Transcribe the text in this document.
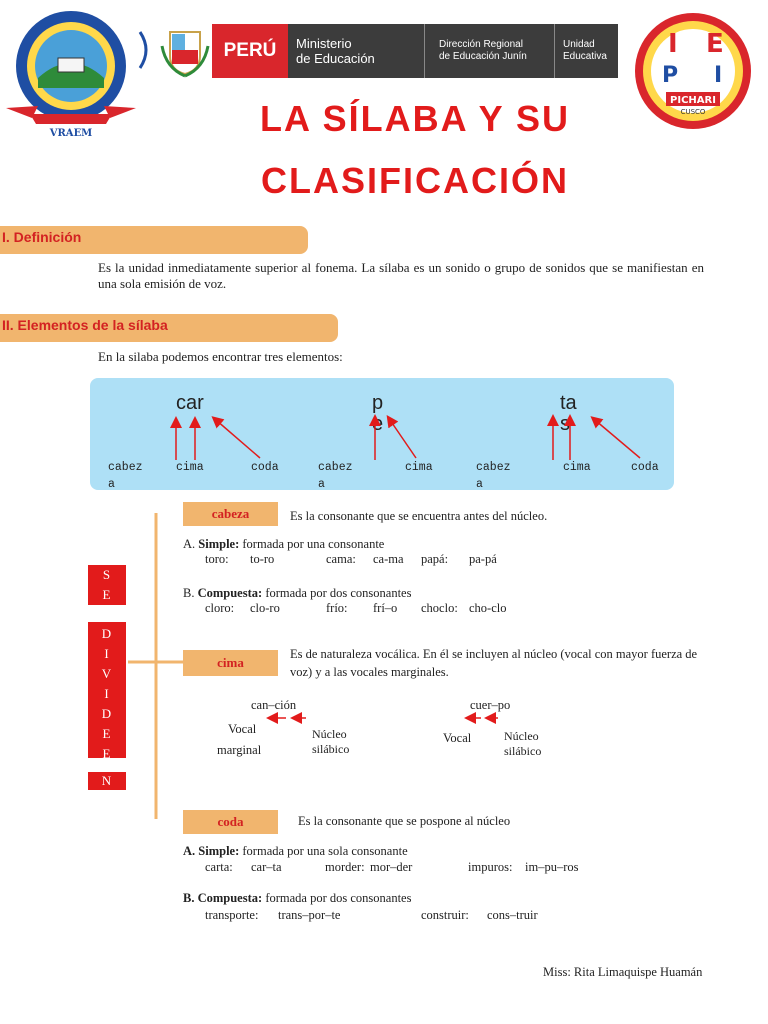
VRAEM
PERÚ	Ministerio
de Educación
Dirección Regional
de Educación Junín
Unidad
Educativa	I E
P I
PICHARI
CUSCO
LA SÍLABA Y SU
CLASIFICACIÓN
I. Definición
Es la unidad inmediatamente superior al fonema. La sílaba es un sonido o grupo de sonidos que se manifiestan en una sola emisión de voz.
II. Elementos de la sílaba
En la silaba podemos encontrar tres elementos:
car	p
e
ta
s
cabez
a
cima	coda	cabez
a
cima	cabez
a
cima	coda
S
E
D
I
V
I
D
E
E
N
cabeza	Es la consonante que se encuentra antes del núcleo.
A. Simple: formada por una consonante
toro: to-ro	cama: ca-ma papá: pa-pá
B. Compuesta: formada por dos consonantes
cloro: clo-ro	frío: frí–o choclo: cho-clo
cima
Es de naturaleza vocálica. En él se incluyen al núcleo (vocal con mayor fuerza de voz) y a las vocales marginales.
can–ción	cuer–po
Vocal
marginal
Núcleo
silábico
Vocal	Núcleo
silábico
coda	Es la consonante que se pospone al núcleo
A. Simple: formada por una sola consonante
carta: car–ta	morder: mor–der	impuros: im–pu–ros
B. Compuesta: formada por dos consonantes
transporte: trans–por–te	construir: cons–truir
Miss: Rita Limaquispe Huamán
